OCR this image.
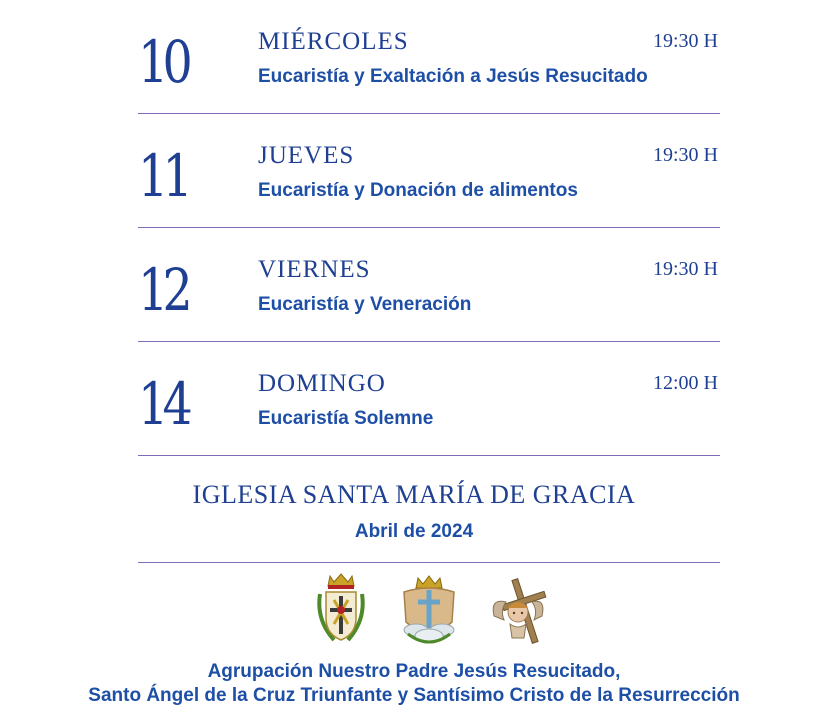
10	MIÉRCOLES	19:30 H
Eucaristía y Exaltación a Jesús Resucitado
11	JUEVES	19:30 H
Eucaristía y Donación de alimentos
12	VIERNES	19:30 H
Eucaristía y Veneración
14	DOMINGO	12:00 H
Eucaristía Solemne
IGLESIA SANTA MARÍA DE GRACIA
Abril de 2024
Agrupación Nuestro Padre Jesús Resucitado,
Santo Ángel de la Cruz Triunfante y Santísimo Cristo de la Resurrección
